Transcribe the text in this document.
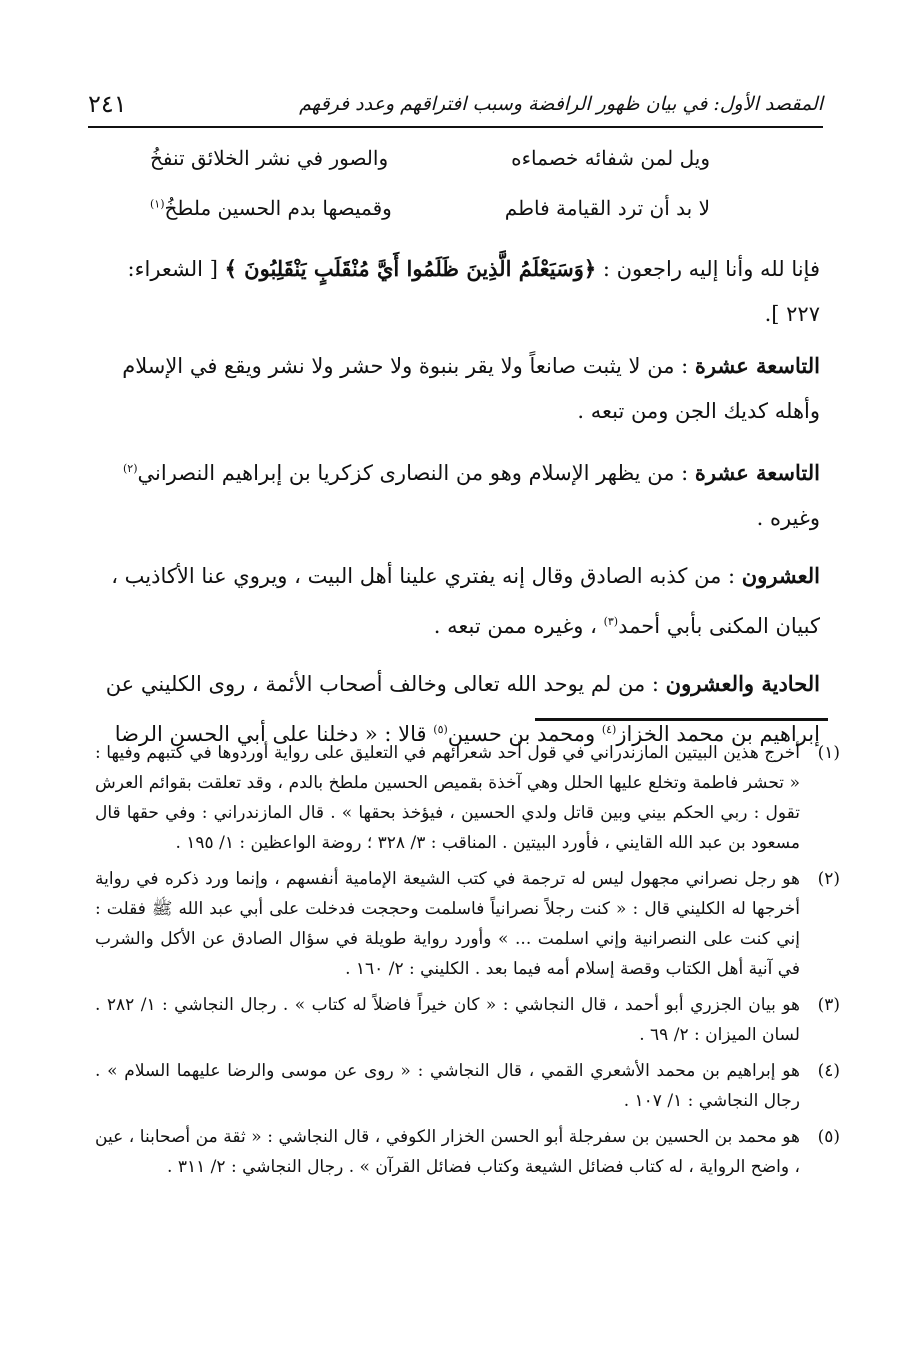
٢٤١	المقصد الأول: في بيان ظهور الرافضة وسبب افتراقهم وعدد فرقهم
ويل لمن شفائه خصماءه
والصور في نشر الخلائق تنفخُ
لا بد أن ترد القيامة فاطم
وقميصها بدم الحسين ملطخُ$^{(١)}$

فإنا لله وأنا إليه راجعون : ﴿وَسَيَعْلَمُ الَّذِينَ ظَلَمُوا أَيَّ مُنْقَلَبٍ يَنْقَلِبُونَ ﴾ [ الشعراء: ٢٢٧ ].

التاسعة عشرة : من لا يثبت صانعاً ولا يقر بنبوة ولا حشر ولا نشر ويقع في الإسلام وأهله كديك الجن ومن تبعه .

التاسعة عشرة : من يظهر الإسلام وهو من النصارى كزكريا بن إبراهيم النصراني$^{(٢)}$ وغيره .

العشرون : من كذبه الصادق وقال إنه يفتري علينا أهل البيت ، ويروي عنا الأكاذيب ، كبيان المكنى بأبي أحمد$^{(٣)}$ ، وغيره ممن تبعه .

الحادية والعشرون : من لم يوحد الله تعالى وخالف أصحاب الأئمة ، روى الكليني عن إبراهيم بن محمد الخزاز$^{(٤)}$ ومحمد بن حسين$^{(٥)}$ قالا : « دخلنا على أبي الحسن الرضا

(١)
أخرج هذين البيتين المازندراني في قول أحد شعرائهم في التعليق على رواية أوردوها في كتبهم وفيها : « تحشر فاطمة وتخلع عليها الحلل وهي آخذة بقميص الحسين ملطخ بالدم ، وقد تعلقت بقوائم العرش تقول : ربي الحكم بيني وبين قاتل ولدي الحسين ، فيؤخذ بحقها » . قال المازندراني : وفي حقها قال مسعود بن عبد الله القايني ، فأورد البيتين . المناقب : ٣/ ٣٢٨ ؛ روضة الواعظين : ١/ ١٩٥ .
(٢)
هو رجل نصراني مجهول ليس له ترجمة في كتب الشيعة الإمامية أنفسهم ، وإنما ورد ذكره في رواية أخرجها له الكليني قال : « كنت رجلاً نصرانياً فاسلمت وحججت فدخلت على أبي عبد الله ﷺ فقلت : إني كنت على النصرانية وإني اسلمت ... » وأورد رواية طويلة في سؤال الصادق عن الأكل والشرب في آنية أهل الكتاب وقصة إسلام أمه فيما بعد . الكليني : ٢/ ١٦٠ .
(٣)
هو بيان الجزري أبو أحمد ، قال النجاشي : « كان خيراً فاضلاً له كتاب » . رجال النجاشي : ١/ ٢٨٢ . لسان الميزان : ٢/ ٦٩ .
(٤)
هو إبراهيم بن محمد الأشعري القمي ، قال النجاشي : « روى عن موسى والرضا عليهما السلام » . رجال النجاشي : ١/ ١٠٧ .
(٥)
هو محمد بن الحسين بن سفرجلة أبو الحسن الخزار الكوفي ، قال النجاشي : « ثقة من أصحابنا ، عين ، واضح الرواية ، له كتاب فضائل الشيعة وكتاب فضائل القرآن » . رجال النجاشي : ٢/ ٣١١ .
